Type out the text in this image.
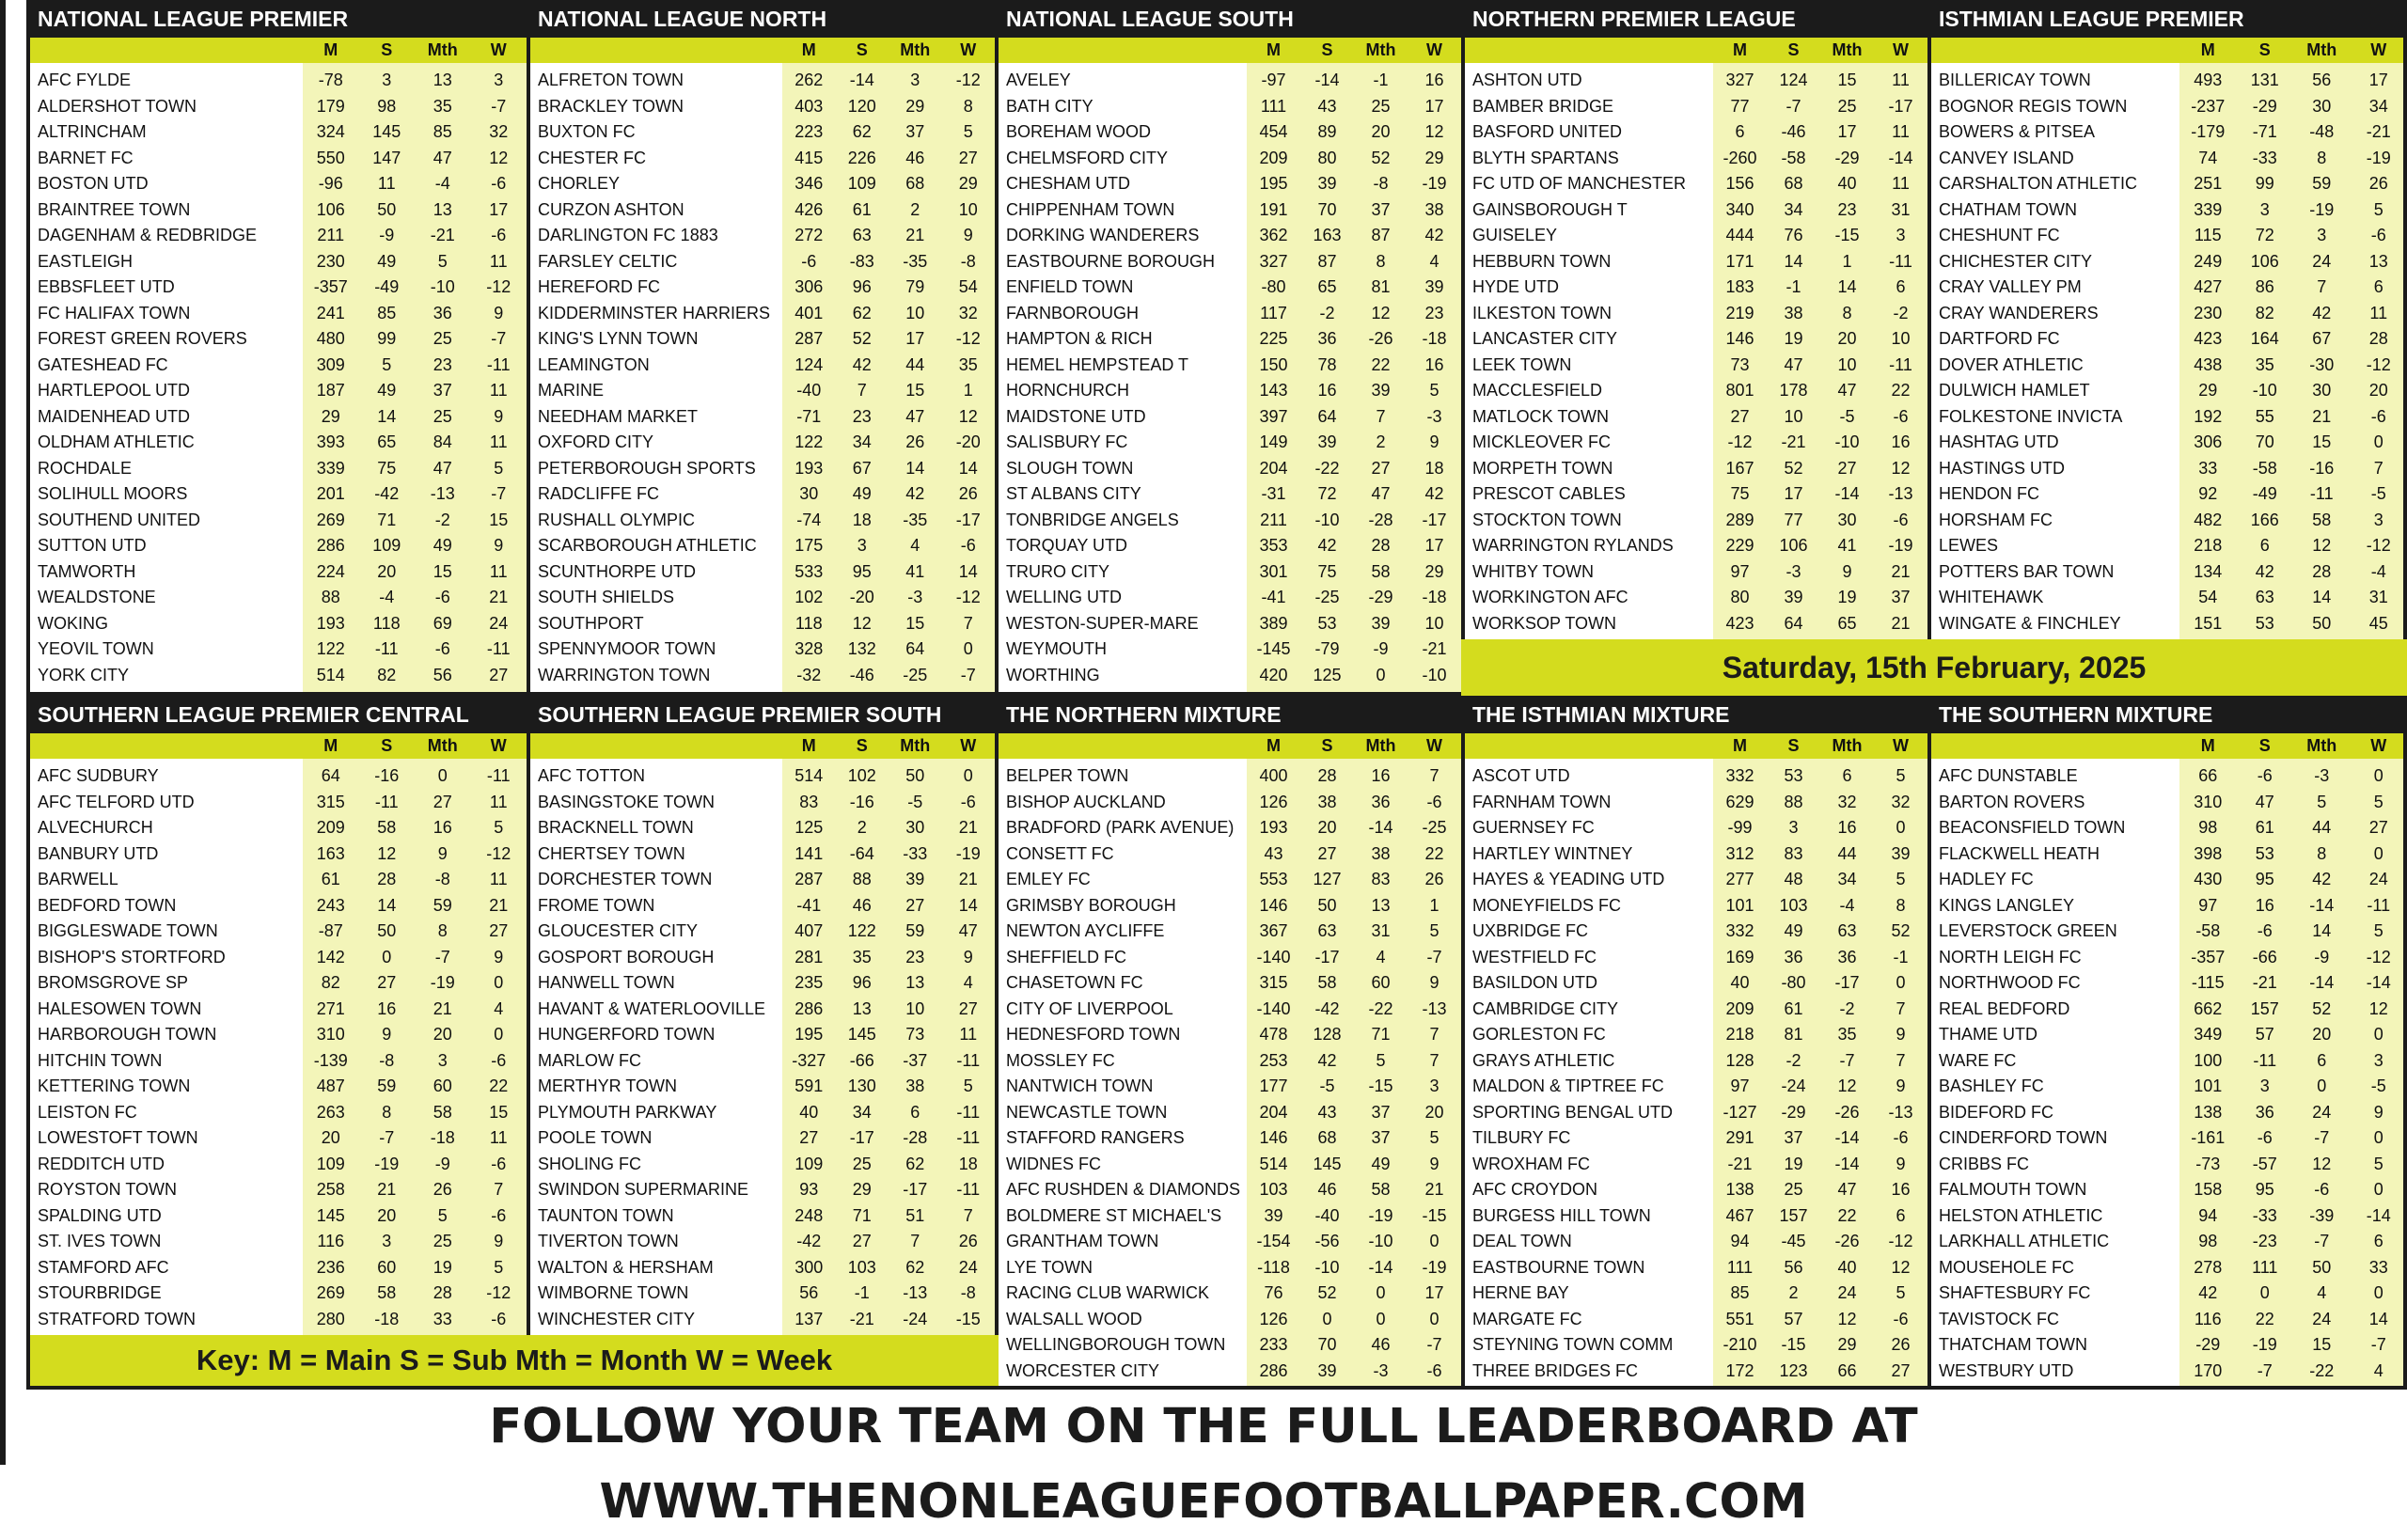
NATIONAL LEAGUE PREMIER
M	S	Mth	W
AFC FYLDE	-78	3	13	3
ALDERSHOT TOWN	179	98	35	-7
ALTRINCHAM	324	145	85	32
BARNET FC	550	147	47	12
BOSTON UTD	-96	11	-4	-6
BRAINTREE TOWN	106	50	13	17
DAGENHAM & REDBRIDGE	211	-9	-21	-6
EASTLEIGH	230	49	5	11
EBBSFLEET UTD	-357	-49	-10	-12
FC HALIFAX TOWN	241	85	36	9
FOREST GREEN ROVERS	480	99	25	-7
GATESHEAD FC	309	5	23	-11
HARTLEPOOL UTD	187	49	37	11
MAIDENHEAD UTD	29	14	25	9
OLDHAM ATHLETIC	393	65	84	11
ROCHDALE	339	75	47	5
SOLIHULL MOORS	201	-42	-13	-7
SOUTHEND UNITED	269	71	-2	15
SUTTON UTD	286	109	49	9
TAMWORTH	224	20	15	11
WEALDSTONE	88	-4	-6	21
WOKING	193	118	69	24
YEOVIL TOWN	122	-11	-6	-11
YORK CITY	514	82	56	27
NATIONAL LEAGUE NORTH
M	S	Mth	W
ALFRETON TOWN	262	-14	3	-12
BRACKLEY TOWN	403	120	29	8
BUXTON FC	223	62	37	5
CHESTER FC	415	226	46	27
CHORLEY	346	109	68	29
CURZON ASHTON	426	61	2	10
DARLINGTON FC 1883	272	63	21	9
FARSLEY CELTIC	-6	-83	-35	-8
HEREFORD FC	306	96	79	54
KIDDERMINSTER HARRIERS	401	62	10	32
KING'S LYNN TOWN	287	52	17	-12
LEAMINGTON	124	42	44	35
MARINE	-40	7	15	1
NEEDHAM MARKET	-71	23	47	12
OXFORD CITY	122	34	26	-20
PETERBOROUGH SPORTS	193	67	14	14
RADCLIFFE FC	30	49	42	26
RUSHALL OLYMPIC	-74	18	-35	-17
SCARBOROUGH ATHLETIC	175	3	4	-6
SCUNTHORPE UTD	533	95	41	14
SOUTH SHIELDS	102	-20	-3	-12
SOUTHPORT	118	12	15	7
SPENNYMOOR TOWN	328	132	64	0
WARRINGTON TOWN	-32	-46	-25	-7
NATIONAL LEAGUE SOUTH
M	S	Mth	W
AVELEY	-97	-14	-1	16
BATH CITY	111	43	25	17
BOREHAM WOOD	454	89	20	12
CHELMSFORD CITY	209	80	52	29
CHESHAM UTD	195	39	-8	-19
CHIPPENHAM TOWN	191	70	37	38
DORKING WANDERERS	362	163	87	42
EASTBOURNE BOROUGH	327	87	8	4
ENFIELD TOWN	-80	65	81	39
FARNBOROUGH	117	-2	12	23
HAMPTON & RICH	225	36	-26	-18
HEMEL HEMPSTEAD T	150	78	22	16
HORNCHURCH	143	16	39	5
MAIDSTONE UTD	397	64	7	-3
SALISBURY FC	149	39	2	9
SLOUGH TOWN	204	-22	27	18
ST ALBANS CITY	-31	72	47	42
TONBRIDGE ANGELS	211	-10	-28	-17
TORQUAY UTD	353	42	28	17
TRURO CITY	301	75	58	29
WELLING UTD	-41	-25	-29	-18
WESTON-SUPER-MARE	389	53	39	10
WEYMOUTH	-145	-79	-9	-21
WORTHING	420	125	0	-10
NORTHERN PREMIER LEAGUE
M	S	Mth	W
ASHTON UTD	327	124	15	11
BAMBER BRIDGE	77	-7	25	-17
BASFORD UNITED	6	-46	17	11
BLYTH SPARTANS	-260	-58	-29	-14
FC UTD OF MANCHESTER	156	68	40	11
GAINSBOROUGH T	340	34	23	31
GUISELEY	444	76	-15	3
HEBBURN TOWN	171	14	1	-11
HYDE UTD	183	-1	14	6
ILKESTON TOWN	219	38	8	-2
LANCASTER CITY	146	19	20	10
LEEK TOWN	73	47	10	-11
MACCLESFIELD	801	178	47	22
MATLOCK TOWN	27	10	-5	-6
MICKLEOVER FC	-12	-21	-10	16
MORPETH TOWN	167	52	27	12
PRESCOT CABLES	75	17	-14	-13
STOCKTON TOWN	289	77	30	-6
WARRINGTON RYLANDS	229	106	41	-19
WHITBY TOWN	97	-3	9	21
WORKINGTON AFC	80	39	19	37
WORKSOP TOWN	423	64	65	21
ISTHMIAN LEAGUE PREMIER
M	S	Mth	W
BILLERICAY TOWN	493	131	56	17
BOGNOR REGIS TOWN	-237	-29	30	34
BOWERS & PITSEA	-179	-71	-48	-21
CANVEY ISLAND	74	-33	8	-19
CARSHALTON ATHLETIC	251	99	59	26
CHATHAM TOWN	339	3	-19	5
CHESHUNT FC	115	72	3	-6
CHICHESTER CITY	249	106	24	13
CRAY VALLEY PM	427	86	7	6
CRAY WANDERERS	230	82	42	11
DARTFORD FC	423	164	67	28
DOVER ATHLETIC	438	35	-30	-12
DULWICH HAMLET	29	-10	30	20
FOLKESTONE INVICTA	192	55	21	-6
HASHTAG UTD	306	70	15	0
HASTINGS UTD	33	-58	-16	7
HENDON FC	92	-49	-11	-5
HORSHAM FC	482	166	58	3
LEWES	218	6	12	-12
POTTERS BAR TOWN	134	42	28	-4
WHITEHAWK	54	63	14	31
WINGATE & FINCHLEY	151	53	50	45
SOUTHERN LEAGUE PREMIER CENTRAL
M	S	Mth	W
AFC SUDBURY	64	-16	0	-11
AFC TELFORD UTD	315	-11	27	11
ALVECHURCH	209	58	16	5
BANBURY UTD	163	12	9	-12
BARWELL	61	28	-8	11
BEDFORD TOWN	243	14	59	21
BIGGLESWADE TOWN	-87	50	8	27
BISHOP'S STORTFORD	142	0	-7	9
BROMSGROVE SP	82	27	-19	0
HALESOWEN TOWN	271	16	21	4
HARBOROUGH TOWN	310	9	20	0
HITCHIN TOWN	-139	-8	3	-6
KETTERING TOWN	487	59	60	22
LEISTON FC	263	8	58	15
LOWESTOFT TOWN	20	-7	-18	11
REDDITCH UTD	109	-19	-9	-6
ROYSTON TOWN	258	21	26	7
SPALDING UTD	145	20	5	-6
ST. IVES TOWN	116	3	25	9
STAMFORD AFC	236	60	19	5
STOURBRIDGE	269	58	28	-12
STRATFORD TOWN	280	-18	33	-6
SOUTHERN LEAGUE PREMIER SOUTH
M	S	Mth	W
AFC TOTTON	514	102	50	0
BASINGSTOKE TOWN	83	-16	-5	-6
BRACKNELL TOWN	125	2	30	21
CHERTSEY TOWN	141	-64	-33	-19
DORCHESTER TOWN	287	88	39	21
FROME TOWN	-41	46	27	14
GLOUCESTER CITY	407	122	59	47
GOSPORT BOROUGH	281	35	23	9
HANWELL TOWN	235	96	13	4
HAVANT & WATERLOOVILLE	286	13	10	27
HUNGERFORD TOWN	195	145	73	11
MARLOW FC	-327	-66	-37	-11
MERTHYR TOWN	591	130	38	5
PLYMOUTH PARKWAY	40	34	6	-11
POOLE TOWN	27	-17	-28	-11
SHOLING FC	109	25	62	18
SWINDON SUPERMARINE	93	29	-17	-11
TAUNTON TOWN	248	71	51	7
TIVERTON TOWN	-42	27	7	26
WALTON & HERSHAM	300	103	62	24
WIMBORNE TOWN	56	-1	-13	-8
WINCHESTER CITY	137	-21	-24	-15
THE NORTHERN MIXTURE
M	S	Mth	W
BELPER TOWN	400	28	16	7
BISHOP AUCKLAND	126	38	36	-6
BRADFORD (PARK AVENUE)	193	20	-14	-25
CONSETT FC	43	27	38	22
EMLEY FC	553	127	83	26
GRIMSBY BOROUGH	146	50	13	1
NEWTON AYCLIFFE	367	63	31	5
SHEFFIELD FC	-140	-17	4	-7
CHASETOWN FC	315	58	60	9
CITY OF LIVERPOOL	-140	-42	-22	-13
HEDNESFORD TOWN	478	128	71	7
MOSSLEY FC	253	42	5	7
NANTWICH TOWN	177	-5	-15	3
NEWCASTLE TOWN	204	43	37	20
STAFFORD RANGERS	146	68	37	5
WIDNES FC	514	145	49	9
AFC RUSHDEN & DIAMONDS	103	46	58	21
BOLDMERE ST MICHAEL'S	39	-40	-19	-15
GRANTHAM TOWN	-154	-56	-10	0
LYE TOWN	-118	-10	-14	-19
RACING CLUB WARWICK	76	52	0	17
WALSALL WOOD	126	0	0	0
WELLINGBOROUGH TOWN	233	70	46	-7
WORCESTER CITY	286	39	-3	-6
THE ISTHMIAN MIXTURE
M	S	Mth	W
ASCOT UTD	332	53	6	5
FARNHAM TOWN	629	88	32	32
GUERNSEY FC	-99	3	16	0
HARTLEY WINTNEY	312	83	44	39
HAYES & YEADING UTD	277	48	34	5
MONEYFIELDS FC	101	103	-4	8
UXBRIDGE FC	332	49	63	52
WESTFIELD FC	169	36	36	-1
BASILDON UTD	40	-80	-17	0
CAMBRIDGE CITY	209	61	-2	7
GORLESTON FC	218	81	35	9
GRAYS ATHLETIC	128	-2	-7	7
MALDON & TIPTREE FC	97	-24	12	9
SPORTING BENGAL UTD	-127	-29	-26	-13
TILBURY FC	291	37	-14	-6
WROXHAM FC	-21	19	-14	9
AFC CROYDON	138	25	47	16
BURGESS HILL TOWN	467	157	22	6
DEAL TOWN	94	-45	-26	-12
EASTBOURNE TOWN	111	56	40	12
HERNE BAY	85	2	24	5
MARGATE FC	551	57	12	-6
STEYNING TOWN COMM	-210	-15	29	26
THREE BRIDGES FC	172	123	66	27
THE SOUTHERN MIXTURE
M	S	Mth	W
AFC DUNSTABLE	66	-6	-3	0
BARTON ROVERS	310	47	5	5
BEACONSFIELD TOWN	98	61	44	27
FLACKWELL HEATH	398	53	8	0
HADLEY FC	430	95	42	24
KINGS LANGLEY	97	16	-14	-11
LEVERSTOCK GREEN	-58	-6	14	5
NORTH LEIGH FC	-357	-66	-9	-12
NORTHWOOD FC	-115	-21	-14	-14
REAL BEDFORD	662	157	52	12
THAME UTD	349	57	20	0
WARE FC	100	-11	6	3
BASHLEY FC	101	3	0	-5
BIDEFORD FC	138	36	24	9
CINDERFORD TOWN	-161	-6	-7	0
CRIBBS FC	-73	-57	12	5
FALMOUTH TOWN	158	95	-6	0
HELSTON ATHLETIC	94	-33	-39	-14
LARKHALL ATHLETIC	98	-23	-7	6
MOUSEHOLE FC	278	111	50	33
SHAFTESBURY FC	42	0	4	0
TAVISTOCK FC	116	22	24	14
THATCHAM TOWN	-29	-19	15	-7
WESTBURY UTD	170	-7	-22	4
Saturday, 15th February, 2025
Key: M = Main S = Sub Mth = Month W = Week
FOLLOW YOUR TEAM ON THE FULL LEADERBOARD AT WWW.THENONLEAGUEFOOTBALLPAPER.COM
